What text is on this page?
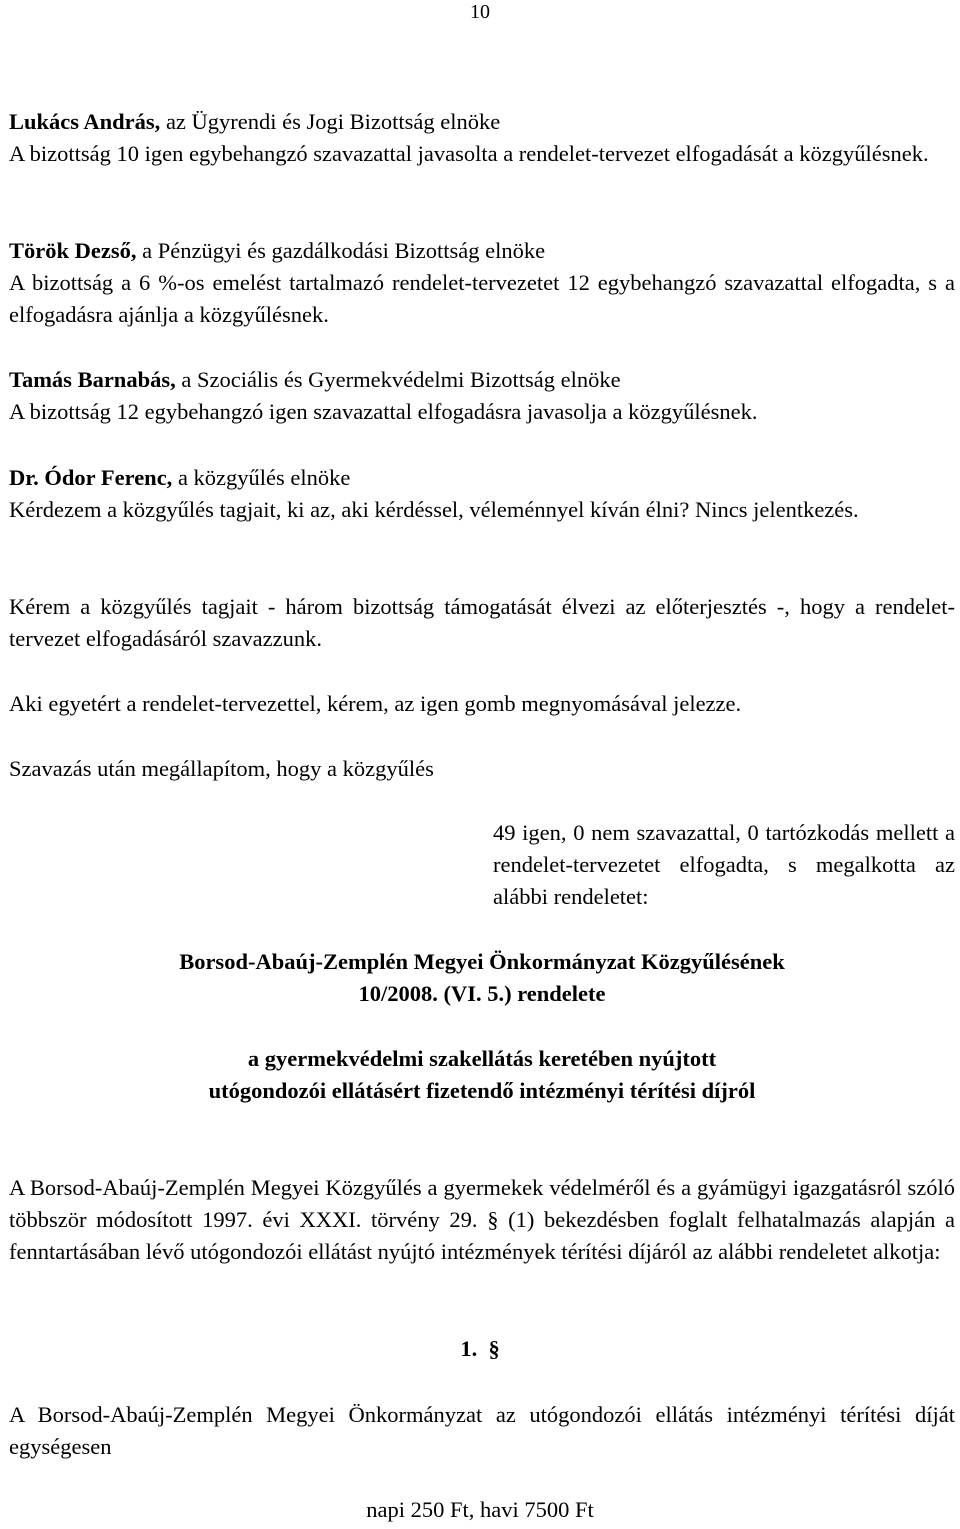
10
Lukács András, az Ügyrendi és Jogi Bizottság elnöke
A bizottság 10 igen egybehangzó szavazattal javasolta a rendelet-tervezet elfogadását a közgyűlésnek.
Török Dezső, a Pénzügyi és gazdálkodási Bizottság elnöke
A bizottság a 6 %-os emelést tartalmazó rendelet-tervezetet 12 egybehangzó szavazattal elfogadta, s a elfogadásra ajánlja a közgyűlésnek.
Tamás Barnabás, a Szociális és Gyermekvédelmi Bizottság elnöke
A bizottság 12 egybehangzó igen szavazattal elfogadásra javasolja a közgyűlésnek.
Dr. Ódor Ferenc, a közgyűlés elnöke
Kérdezem a közgyűlés tagjait, ki az, aki kérdéssel, véleménnyel kíván élni? Nincs jelentkezés.
Kérem a közgyűlés tagjait - három bizottság támogatását élvezi az előterjesztés -, hogy a rendelet-tervezet elfogadásáról szavazzunk.
Aki egyetért a rendelet-tervezettel, kérem, az igen gomb megnyomásával jelezze.
Szavazás után megállapítom, hogy a közgyűlés
49 igen, 0 nem szavazattal, 0 tartózkodás mellett a rendelet-tervezetet elfogadta, s megalkotta az alábbi rendeletet:
Borsod-Abaúj-Zemplén Megyei Önkormányzat Közgyűlésének
10/2008. (VI. 5.) rendelete
a gyermekvédelmi szakellátás keretében nyújtott
utógondozói ellátásért fizetendő intézményi térítési díjról
A Borsod-Abaúj-Zemplén Megyei Közgyűlés a gyermekek védelméről és a gyámügyi igazgatásról szóló többször módosított 1997. évi XXXI. törvény 29. § (1) bekezdésben foglalt felhatalmazás alapján a fenntartásában lévő utógondozói ellátást nyújtó intézmények térítési díjáról az alábbi rendeletet alkotja:
1.  §
A Borsod-Abaúj-Zemplén Megyei Önkormányzat az utógondozói ellátás intézményi térítési díját egységesen
napi 250 Ft, havi 7500 Ft
